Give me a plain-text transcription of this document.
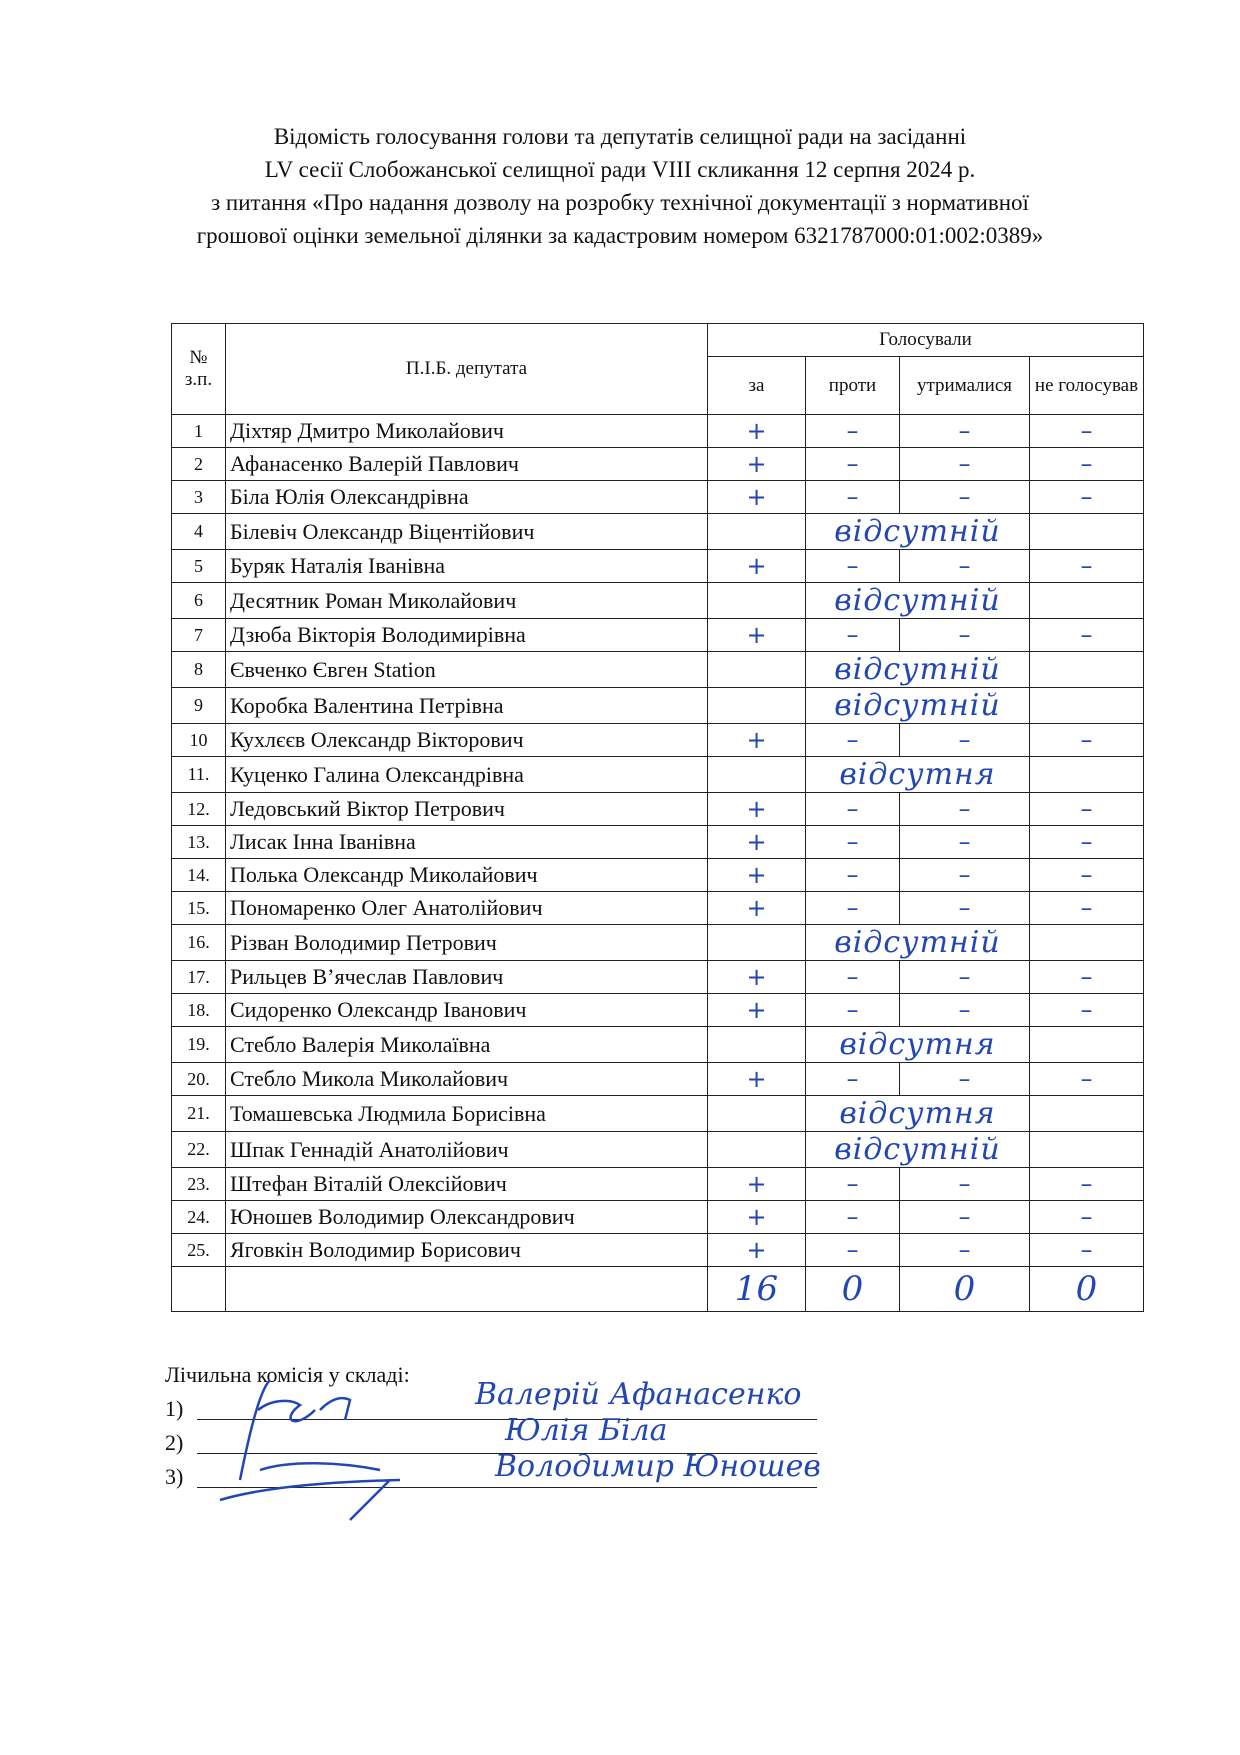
Відомість голосування голови та депутатів селищної ради на засіданні
LV сесії Слобожанської селищної ради VIII скликання 12 серпня 2024 р.
з питання «Про надання дозволу на розробку технічної документації з нормативної
грошової оцінки земельної ділянки за кадастровим номером 6321787000:01:002:0389»
№ з.п.	П.І.Б. депутата	Голосували			
		за	проти	утрималися	не голосував
1	Діхтяр Дмитро Миколайович	+	–	–	–
2	Афанасенко Валерій Павлович	+	–	–	–
3	Біла Юлія Олександрівна	+	–	–	–
4	Білевіч Олександр Віцентійович		відсутній		
5	Буряк Наталія Іванівна	+	–	–	–
6	Десятник Роман Миколайович		відсутній		
7	Дзюба Вікторія Володимирівна	+	–	–	–
8	Євченко Євген Station		відсутній		
9	Коробка Валентина Петрівна		відсутній		
10	Кухлєєв Олександр Вікторович	+	–	–	–
11.	Куценко Галина Олександрівна		відсутня		
12.	Ледовський Віктор Петрович	+	–	–	–
13.	Лисак Інна Іванівна	+	–	–	–
14.	Полька Олександр Миколайович	+	–	–	–
15.	Пономаренко Олег Анатолійович	+	–	–	–
16.	Різван Володимир Петрович		відсутній		
17.	Рильцев В’ячеслав Павлович	+	–	–	–
18.	Сидоренко Олександр Іванович	+	–	–	–
19.	Стебло Валерія Миколаївна		відсутня		
20.	Стебло Микола Миколайович	+	–	–	–
21.	Томашевська Людмила Борисівна		відсутня		
22.	Шпак Геннадій Анатолійович		відсутній		
23.	Штефан Віталій Олексійович	+	–	–	–
24.	Юношев Володимир Олександрович	+	–	–	–
25.	Яговкін Володимир Борисович	+	–	–	–
		16	0	0	0
Лічильна комісія у складі:
1)	Валерій Афанасенко
2)	Юлія Біла
3)	Володимир Юношев
